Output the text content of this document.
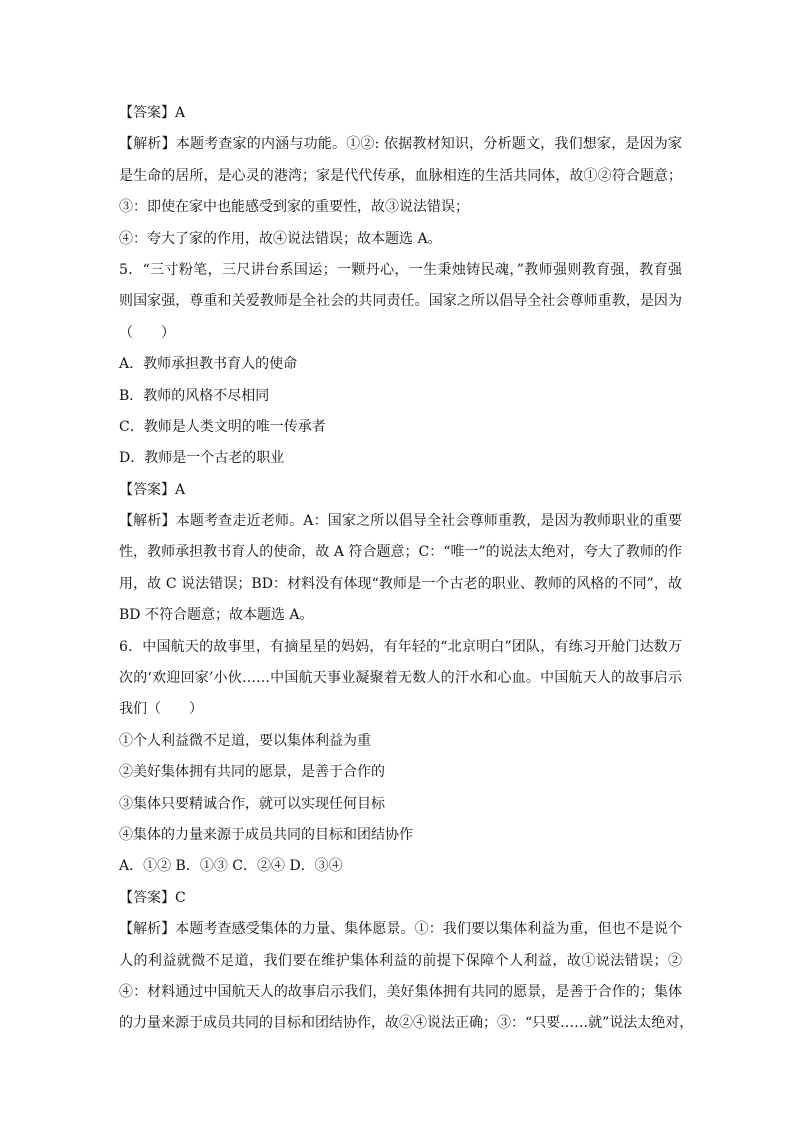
【答案】A
【解析】本题考查家的内涵与功能。①②: 依据教材知识，分析题文，我们想家，是因为家
是生命的居所，是心灵的港湾；家是代代传承，血脉相连的生活共同体，故①②符合题意；
③：即使在家中也能感受到家的重要性，故③说法错误；
④：夸大了家的作用，故④说法错误；故本题选 A。
5．“三寸粉笔，三尺讲台系国运；一颗丹心，一生秉烛铸民魂，”教师强则教育强，教育强
则国家强，尊重和关爱教师是全社会的共同责任。国家之所以倡导全社会尊师重教，是因为
（　　）
A．教师承担教书育人的使命
B．教师的风格不尽相同
C．教师是人类文明的唯一传承者
D．教师是一个古老的职业
【答案】A
【解析】本题考查走近老师。A：国家之所以倡导全社会尊师重教，是因为教师职业的重要
性，教师承担教书育人的使命，故 A 符合题意；C：“唯一”的说法太绝对，夸大了教师的作
用，故 C 说法错误；BD：材料没有体现“教师是一个古老的职业、教师的风格的不同”，故
BD 不符合题意；故本题选 A。
6．中国航天的故事里，有摘星星的妈妈，有年轻的“北京明白”团队，有练习开舱门达数万
次的‘欢迎回家’小伙……中国航天事业凝聚着无数人的汗水和心血。中国航天人的故事启示
我们（　　）
①个人利益微不足道，要以集体利益为重
②美好集体拥有共同的愿景，是善于合作的
③集体只要精诚合作，就可以实现任何目标
④集体的力量来源于成员共同的目标和团结协作
A．①② B．①③ C．②④ D．③④
【答案】C
【解析】本题考查感受集体的力量、集体愿景。①：我们要以集体利益为重，但也不是说个
人的利益就微不足道，我们要在维护集体利益的前提下保障个人利益，故①说法错误；②
④：材料通过中国航天人的故事启示我们，美好集体拥有共同的愿景，是善于合作的；集体
的力量来源于成员共同的目标和团结协作，故②④说法正确；③：“只要……就”说法太绝对，
